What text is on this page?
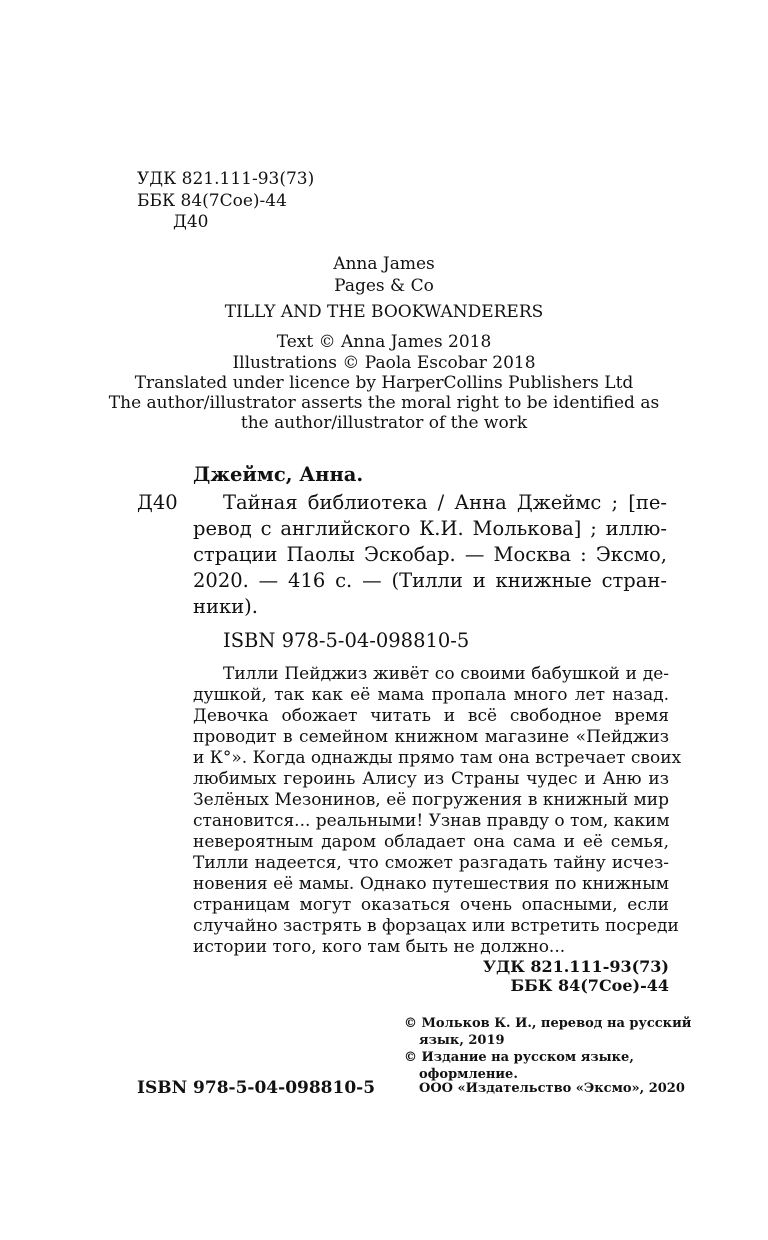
УДК 821.111-93(73)
ББК 84(7Сое)-44
Д40
Anna James
Pages & Co
TILLY AND THE BOOKWANDERERS
Text © Anna James 2018
Illustrations © Paola Escobar 2018
Translated under licence by HarperCollins Publishers Ltd
The author/illustrator asserts the moral right to be identified as
the author/illustrator of the work
Джеймс, Анна.
Д40 Тайная библиотека / Анна Джеймс ; [пе-
ревод с английского К.И. Молькова] ; иллю-
страции Паолы Эскобар. — Москва : Эксмо,
2020. — 416 с. — (Тилли и книжные стран-
ники).
ISBN 978-5-04-098810-5
Тилли Пейджиз живёт со своими бабушкой и де-
душкой, так как её мама пропала много лет назад.
Девочка обожает читать и всё свободное время
проводит в семейном книжном магазине «Пейджиз
и К°». Когда однажды прямо там она встречает своих
любимых героинь Алису из Страны чудес и Аню из
Зелёных Мезонинов, её погружения в книжный мир
становится... реальными! Узнав правду о том, каким
невероятным даром обладает она сама и её семья,
Тилли надеется, что сможет разгадать тайну исчез-
новения её мамы. Однако путешествия по книжным
страницам могут оказаться очень опасными, если
случайно застрять в форзацах или встретить посреди
истории того, кого там быть не должно...
УДК 821.111-93(73)
ББК 84(7Сое)-44
© Мольков К. И., перевод на русский
язык, 2019
© Издание на русском языке,
оформление.
ООО «Издательство «Эксмо», 2020
ISBN 978-5-04-098810-5
